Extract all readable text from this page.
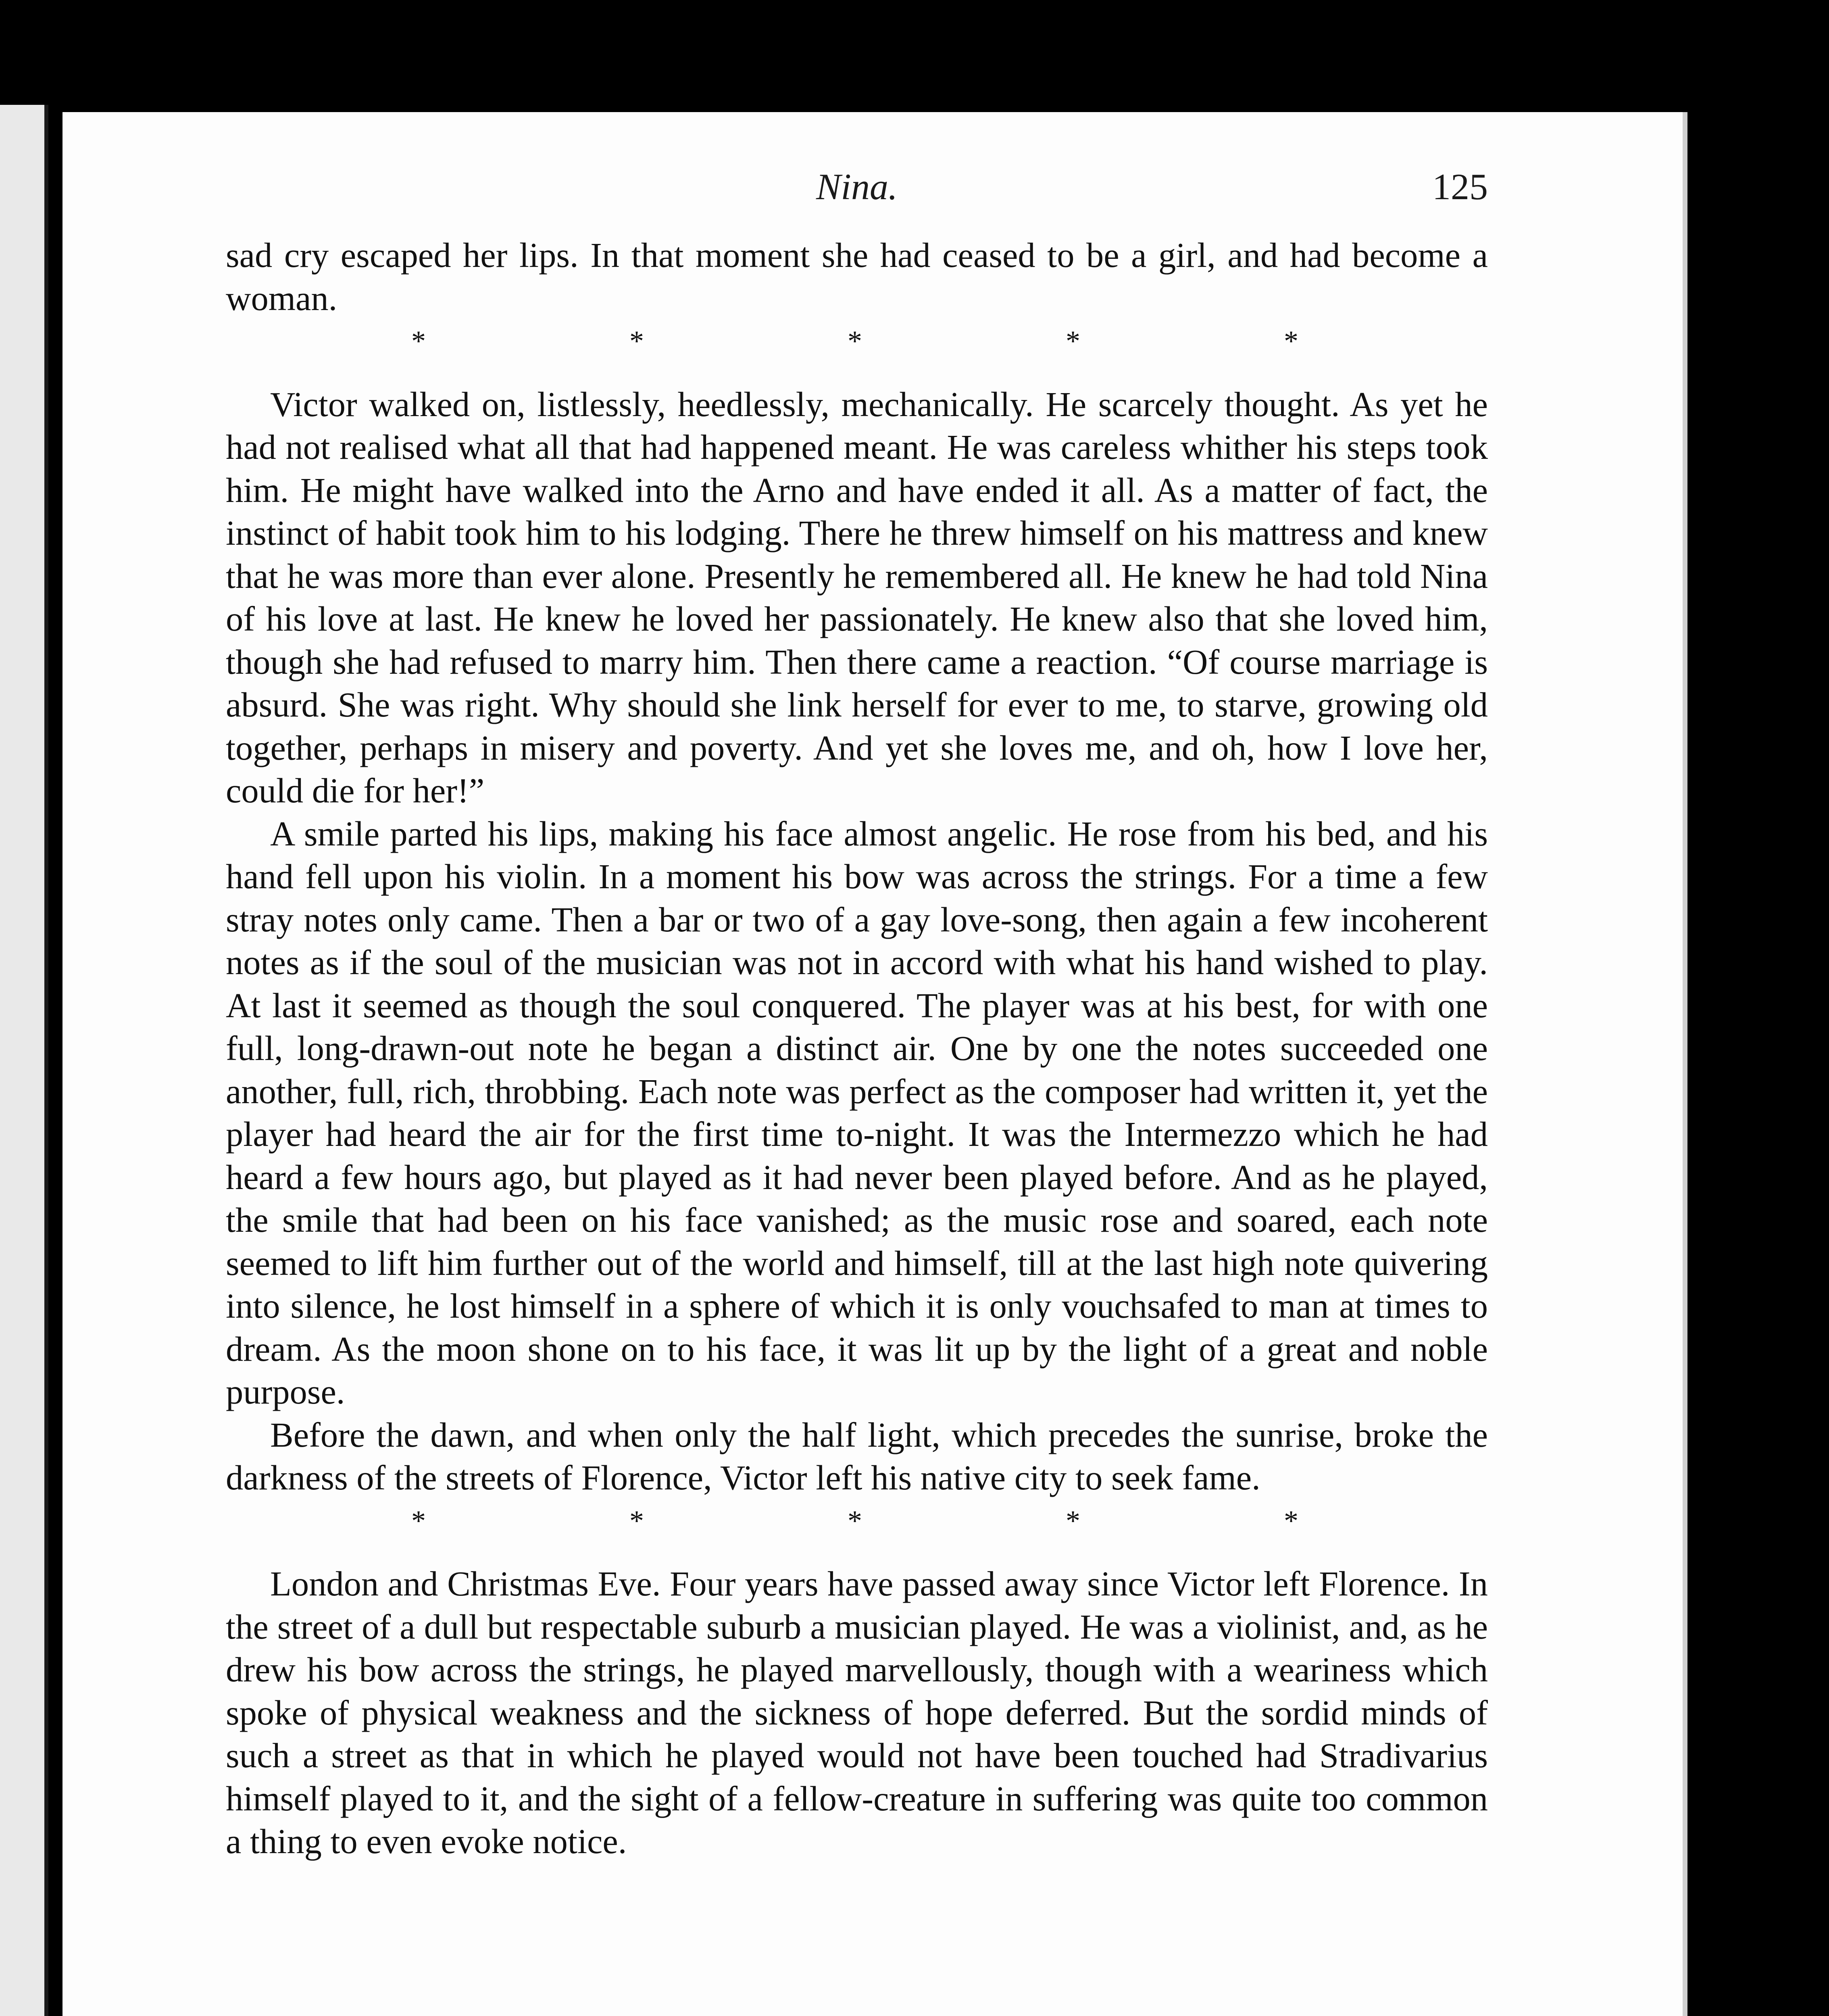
Nina.	125

sad cry escaped her lips. In that moment she had ceased to be a girl, and had become a woman.

*	*	*	*	*

Victor walked on, listlessly, heedlessly, mechanically. He scarcely thought. As yet he had not realised what all that had happened meant. He was careless whither his steps took him. He might have walked into the Arno and have ended it all. As a matter of fact, the instinct of habit took him to his lodging. There he threw himself on his mattress and knew that he was more than ever alone. Presently he remembered all. He knew he had told Nina of his love at last. He knew he loved her passionately. He knew also that she loved him, though she had refused to marry him. Then there came a reaction. “Of course marriage is absurd. She was right. Why should she link herself for ever to me, to starve, growing old together, perhaps in misery and poverty. And yet she loves me, and oh, how I love her, could die for her!”

A smile parted his lips, making his face almost angelic. He rose from his bed, and his hand fell upon his violin. In a moment his bow was across the strings. For a time a few stray notes only came. Then a bar or two of a gay love-song, then again a few incoherent notes as if the soul of the musician was not in accord with what his hand wished to play. At last it seemed as though the soul conquered. The player was at his best, for with one full, long-drawn-out note he began a distinct air. One by one the notes succeeded one another, full, rich, throbbing. Each note was perfect as the composer had written it, yet the player had heard the air for the first time to-night. It was the Intermezzo which he had heard a few hours ago, but played as it had never been played before. And as he played, the smile that had been on his face vanished; as the music rose and soared, each note seemed to lift him further out of the world and himself, till at the last high note quivering into silence, he lost himself in a sphere of which it is only vouchsafed to man at times to dream. As the moon shone on to his face, it was lit up by the light of a great and noble purpose.

Before the dawn, and when only the half light, which precedes the sunrise, broke the darkness of the streets of Florence, Victor left his native city to seek fame.

*	*	*	*	*

London and Christmas Eve. Four years have passed away since Victor left Florence. In the street of a dull but respectable suburb a musician played. He was a violinist, and, as he drew his bow across the strings, he played marvellously, though with a weariness which spoke of physical weakness and the sickness of hope deferred. But the sordid minds of such a street as that in which he played would not have been touched had Stradivarius himself played to it, and the sight of a fellow-creature in suffering was quite too common a thing to even evoke notice.
